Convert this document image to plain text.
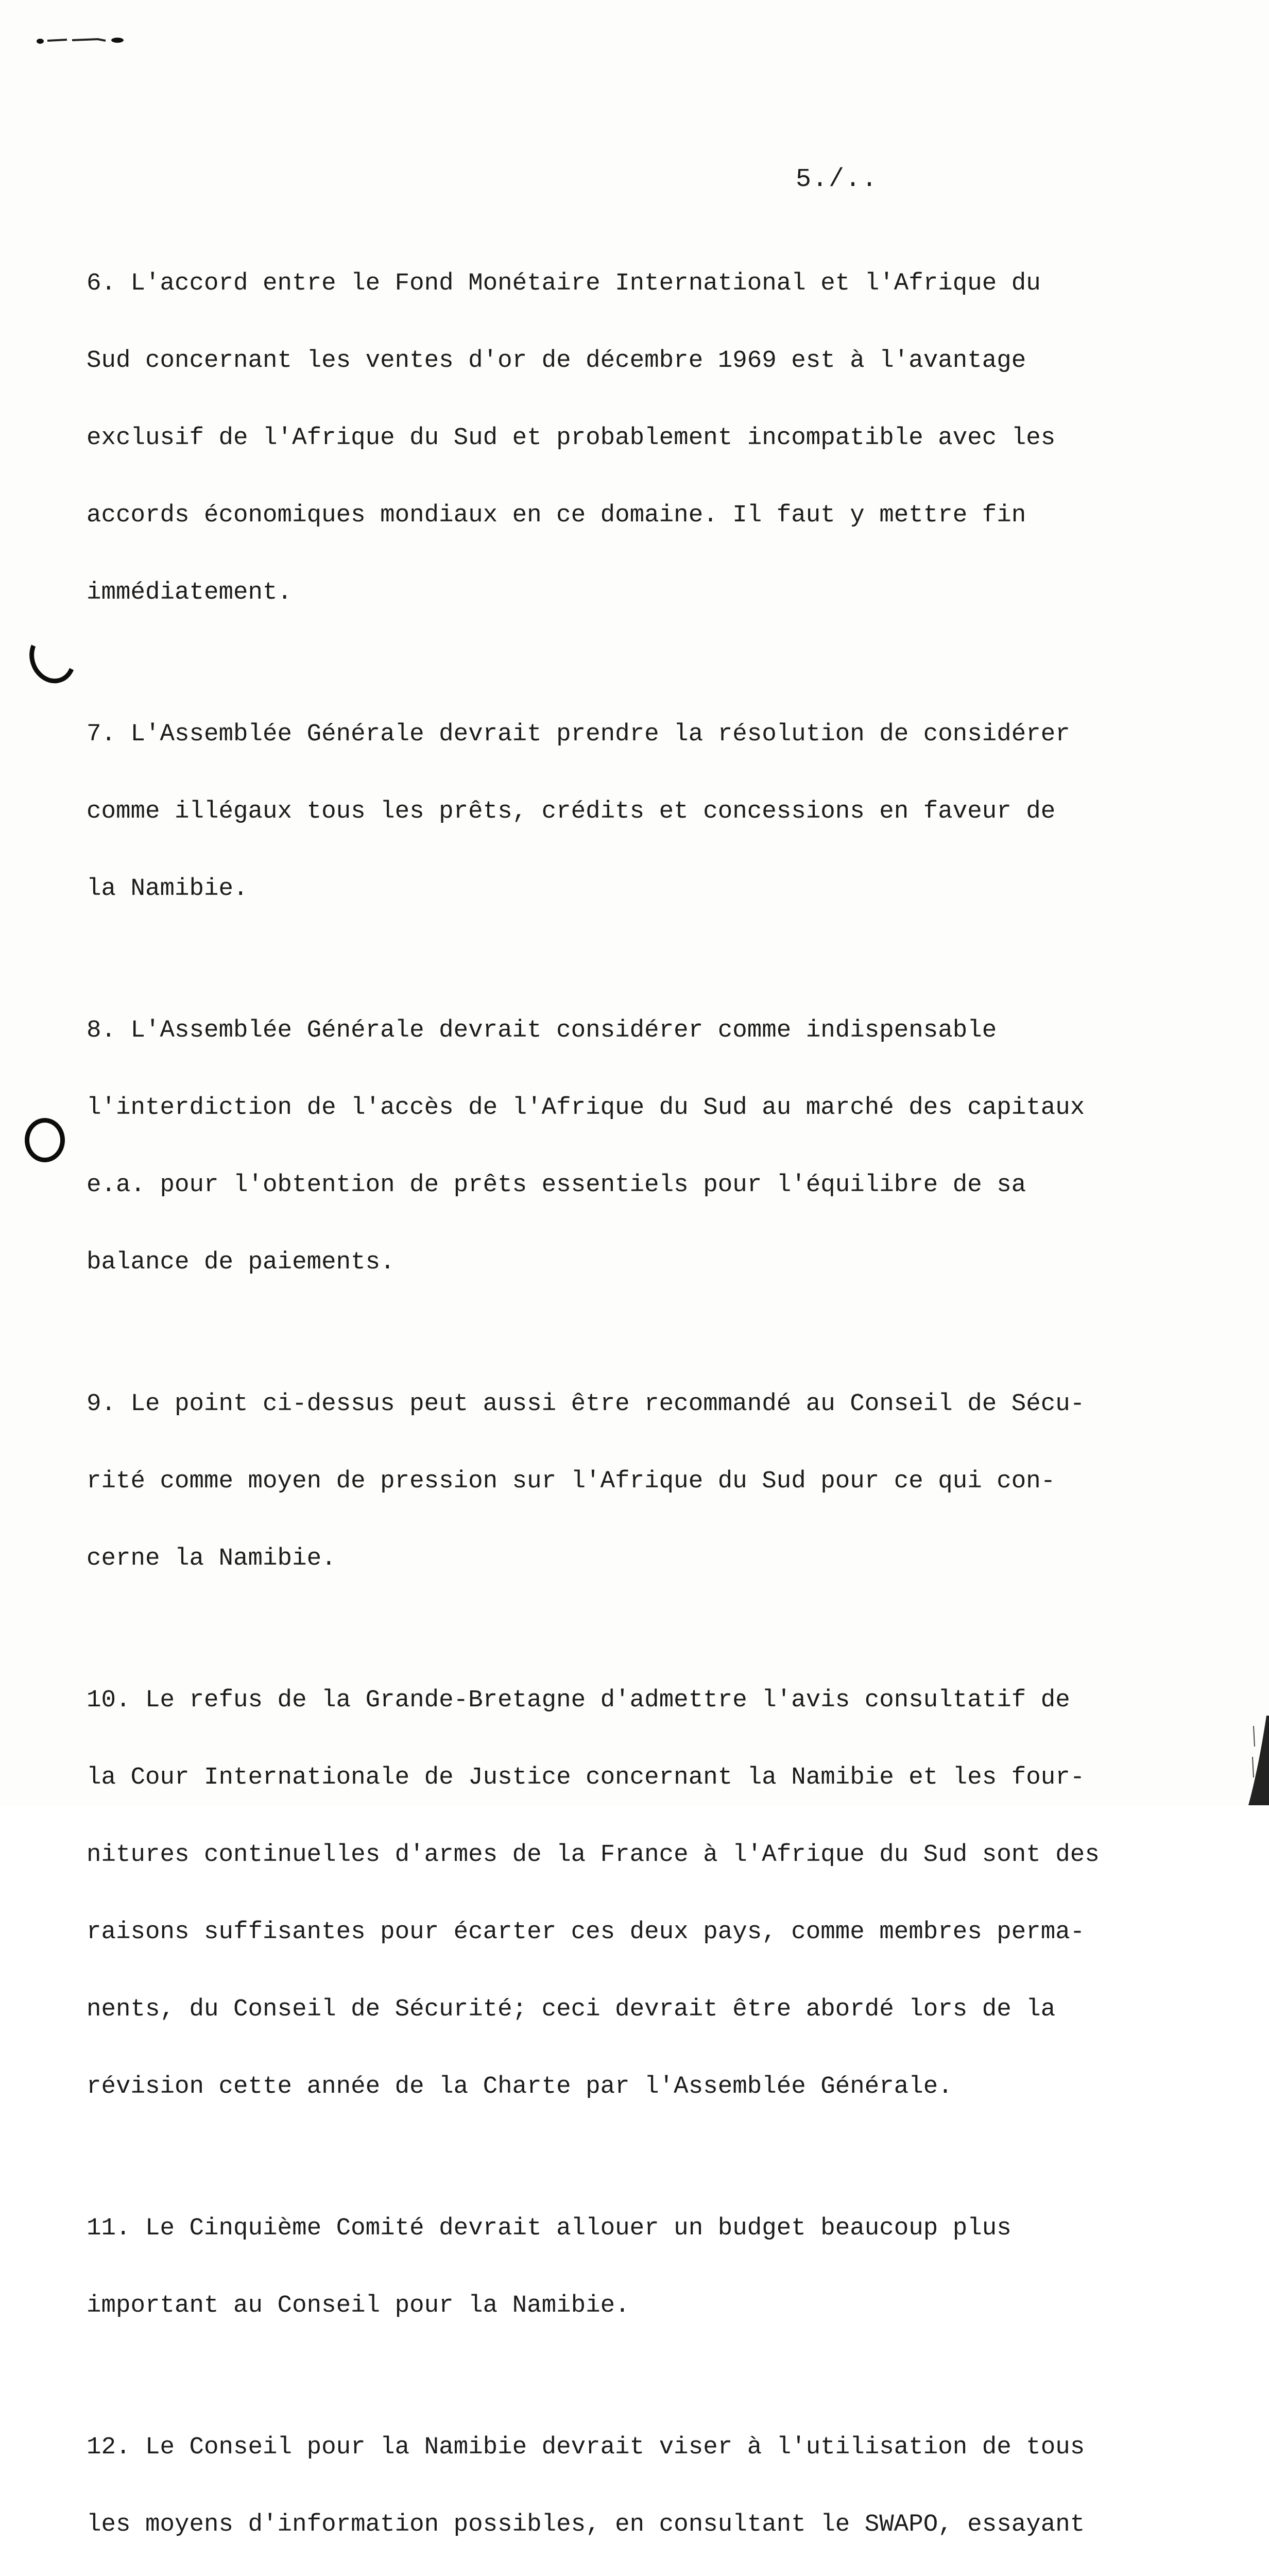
5./..

6. L'accord entre le Fond Monétaire International et l'Afrique du

Sud concernant les ventes d'or de décembre 1969 est à l'avantage

exclusif de l'Afrique du Sud et probablement incompatible avec les

accords économiques mondiaux en ce domaine. Il faut y mettre fin

immédiatement.

7. L'Assemblée Générale devrait prendre la résolution de considérer

comme illégaux tous les prêts, crédits et concessions en faveur de

la Namibie.

8. L'Assemblée Générale devrait considérer comme indispensable

l'interdiction de l'accès de l'Afrique du Sud au marché des capitaux

e.a. pour l'obtention de prêts essentiels pour l'équilibre de sa

balance de paiements.

9. Le point ci-dessus peut aussi être recommandé au Conseil de Sécu-

rité comme moyen de pression sur l'Afrique du Sud pour ce qui con-

cerne la Namibie.

10. Le refus de la Grande-Bretagne d'admettre l'avis consultatif de

la Cour Internationale de Justice concernant la Namibie et les four-

nitures continuelles d'armes de la France à l'Afrique du Sud sont des

raisons suffisantes pour écarter ces deux pays, comme membres perma-

nents, du Conseil de Sécurité; ceci devrait être abordé lors de la

révision cette année de la Charte par l'Assemblée Générale.

11. Le Cinquième Comité devrait allouer un budget beaucoup plus

important au Conseil pour la Namibie.

12. Le Conseil pour la Namibie devrait viser à l'utilisation de tous

les moyens d'information possibles, en consultant le SWAPO, essayant
